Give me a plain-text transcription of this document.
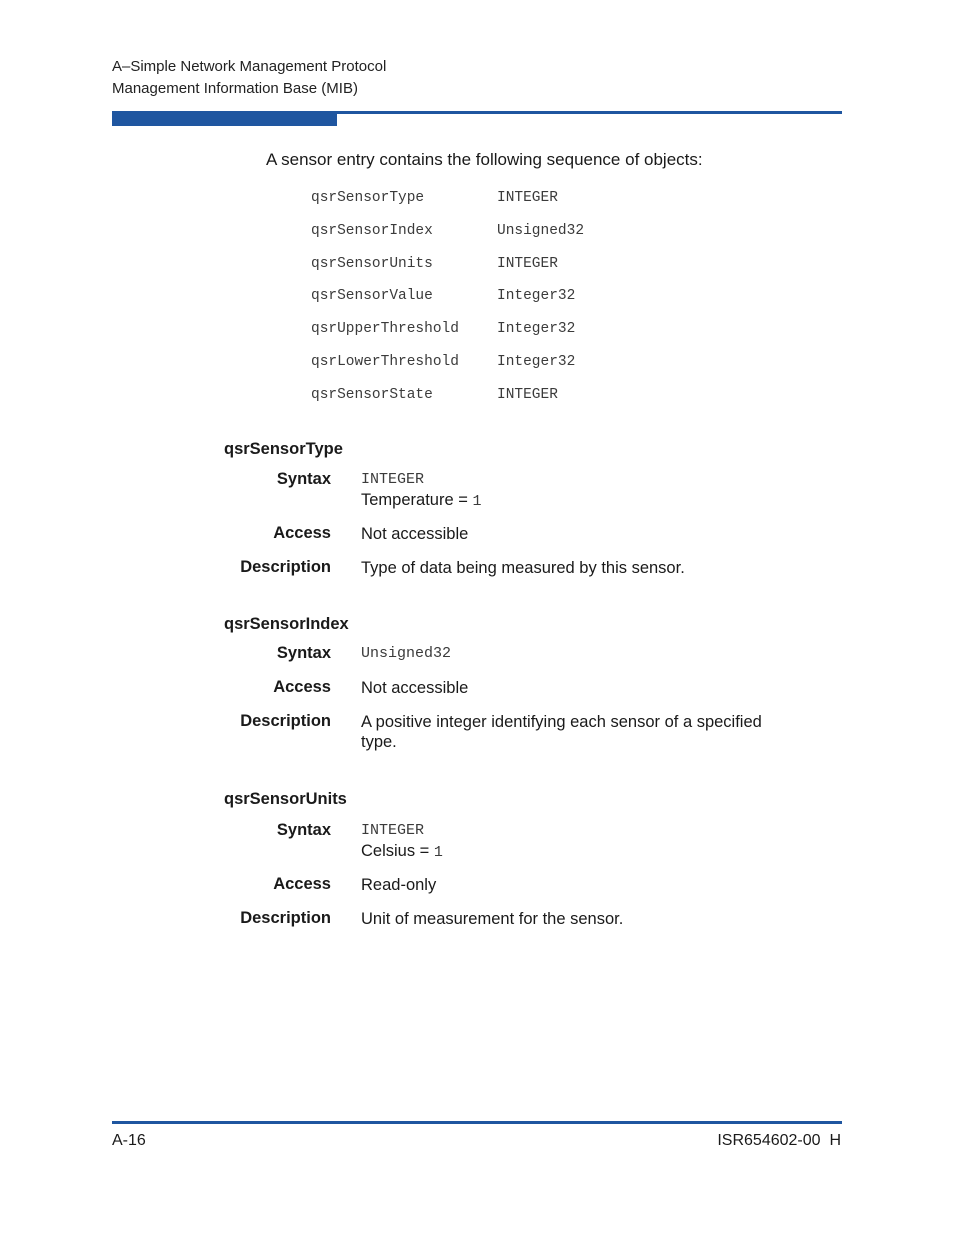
A–Simple Network Management Protocol
Management Information Base (MIB)
A sensor entry contains the following sequence of objects:
qsrSensorType	INTEGER
qsrSensorIndex	Unsigned32
qsrSensorUnits	INTEGER
qsrSensorValue	Integer32
qsrUpperThreshold	Integer32
qsrLowerThreshold	Integer32
qsrSensorState	INTEGER
qsrSensorType
Syntax INTEGER
Temperature = 1
Access Not accessible
Description Type of data being measured by this sensor.
qsrSensorIndex
Syntax Unsigned32
Access Not accessible
Description A positive integer identifying each sensor of a specified
type.
qsrSensorUnits
Syntax INTEGER
Celsius = 1
Access Read-only
Description Unit of measurement for the sensor.
A-16	ISR654602-00  H
